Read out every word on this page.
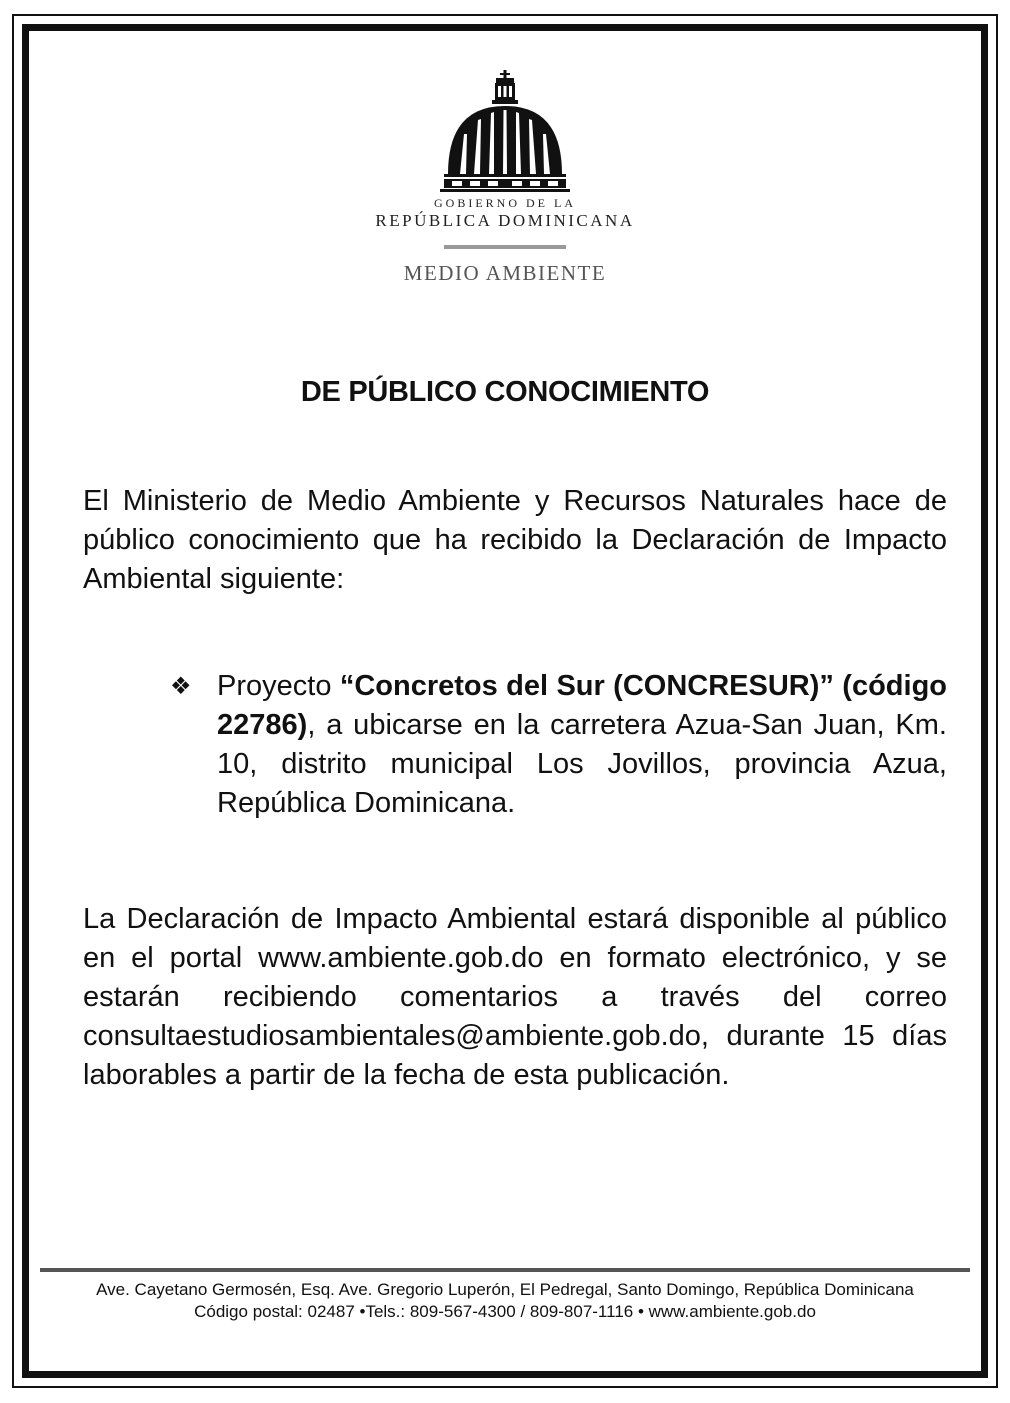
GOBIERNO DE LA
REPÚBLICA DOMINICANA
MEDIO AMBIENTE
DE PÚBLICO CONOCIMIENTO

El Ministerio de Medio Ambiente y Recursos Naturales hace de público conocimiento que ha recibido la Declaración de Impacto Ambiental siguiente:

❖ Proyecto “Concretos del Sur (CONCRESUR)” (código 22786), a ubicarse en la carretera Azua-San Juan, Km. 10, distrito municipal Los Jovillos, provincia Azua, República Dominicana.

La Declaración de Impacto Ambiental estará disponible al público en el portal www.ambiente.gob.do en formato electrónico, y se estarán recibiendo comentarios a través del correo consultaestudiosambientales@ambiente.gob.do, durante 15 días laborables a partir de la fecha de esta publicación.

Ave. Cayetano Germosén, Esq. Ave. Gregorio Luperón, El Pedregal, Santo Domingo, República Dominicana
Código postal: 02487 •Tels.: 809-567-4300 / 809-807-1116 • www.ambiente.gob.do
